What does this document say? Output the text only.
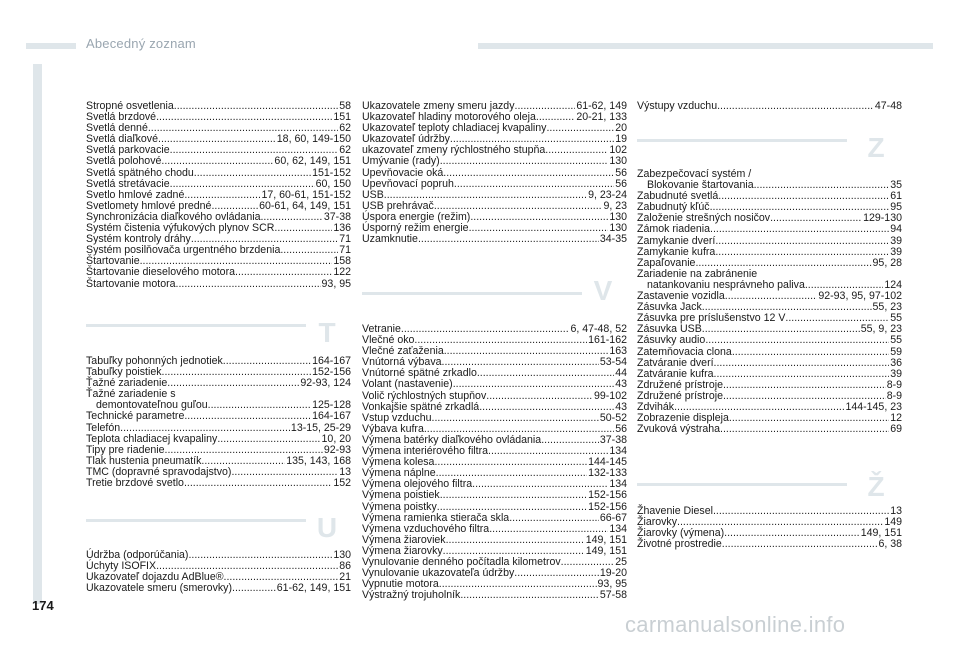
Abecedný zoznam
Stropné osvetlenia .....	58
Svetlá brzdové .....	151
Svetlá denné .....	62
Svetlá diaľkové .....	18, 60, 149-150
Svetlá parkovacie .....	62
Svetlá polohové .....	60, 62, 149, 151
Svetlá spätného chodu .....	151-152
Svetlá stretávacie .....	60, 150
Svetlo hmlové zadné .....	17, 60-61, 151-152
Svetlomety hmlové predné .....	60-61, 64, 149, 151
Synchronizácia diaľkového ovládania .....	37-38
Systém čistenia výfukových plynov SCR .....	136
Systém kontroly dráhy .....	71
Systém posilňovača urgentného brzdenia .....	71
Štartovanie .....	158
Štartovanie dieselového motora .....	122
Štartovanie motora .....	93, 95
T
Tabuľky pohonných jednotiek .....	164-167
Tabuľky poistiek .....	152-156
Ťažné zariadenie .....	92-93, 124
Ťažné zariadenie s
demontovateľnou guľou .....	125-128
Technické parametre .....	164-167
Telefón .....	13-15, 25-29
Teplota chladiacej kvapaliny .....	10, 20
Tipy pre riadenie .....	92-93
Tlak hustenia pneumatík .....	135, 143, 168
TMC (dopravné spravodajstvo) .....	13
Tretie brzdové svetlo .....	152
U
Údržba (odporúčania) .....	130
Úchyty ISOFIX .....	86
Ukazovateľ dojazdu AdBlue® .....	21
Ukazovatele smeru (smerovky) .....	61-62, 149, 151
Ukazovatele zmeny smeru jazdy .....	61-62, 149
Ukazovateľ hladiny motorového oleja .....	20-21, 133
Ukazovateľ teploty chladiacej kvapaliny .....	20
Ukazovateľ údržby .....	19
ukazovateľ zmeny rýchlostného stupňa .....	102
Umývanie (rady) .....	130
Upevňovacie oká .....	56
Upevňovací popruh .....	56
USB .....	9, 23-24
USB prehrávač .....	9, 23
Úspora energie (režim) .....	130
Úsporný režim energie .....	130
Uzamknutie .....	34-35
V
Vetranie .....	6, 47-48, 52
Vlečné oko .....	161-162
Vlečné zaťaženia .....	163
Vnútorná výbava .....	53-54
Vnútorné spätné zrkadlo .....	44
Volant (nastavenie) .....	43
Volič rýchlostných stupňov .....	99-102
Vonkajšie spätné zrkadlá .....	43
Vstup vzduchu .....	50-52
Výbava kufra .....	56
Výmena batérky diaľkového ovládania .....	37-38
Výmena interiérového filtra .....	134
Výmena kolesa .....	144-145
Výmena náplne .....	132-133
Výmena olejového filtra .....	134
Výmena poistiek .....	152-156
Výmena poistky .....	152-156
Výmena ramienka stierača skla .....	66-67
Výmena vzduchového filtra .....	134
Výmena žiaroviek .....	149, 151
Výmena žiarovky .....	149, 151
Vynulovanie denného počítadla kilometrov .....	25
Vynulovanie ukazovateľa údržby .....	19-20
Vypnutie motora .....	93, 95
Výstražný trojuholník .....	57-58
Výstupy vzduchu .....	47-48
Z
Zabezpečovací systém /
Blokovanie štartovania .....	35
Zabudnuté svetlá .....	61
Zabudnutý kľúč .....	95
Založenie strešných nosičov .....	129-130
Zámok riadenia .....	94
Zamykanie dverí .....	39
Zamykanie kufra .....	39
Zapaľovanie .....	95, 28
Zariadenie na zabránenie
natankovaniu nesprávneho paliva .....	124
Zastavenie vozidla .....	92-93, 95, 97-102
Zásuvka Jack .....	55, 23
Zásuvka pre príslušenstvo 12 V .....	55
Zásuvka USB .....	55, 9, 23
Zásuvky audio .....	55
Zatemňovacia clona .....	59
Zatváranie dverí .....	36
Zatváranie kufra .....	39
Združené prístroje .....	8-9
Združené prístroje .....	8-9
Zdvihák .....	144-145, 23
Zobrazenie displeja .....	12
Zvuková výstraha .....	69
Ž
Žhavenie Diesel .....	13
Žiarovky .....	149
Žiarovky (výmena) .....	149, 151
Životné prostredie .....	6, 38
174
carmanualsonline.info
